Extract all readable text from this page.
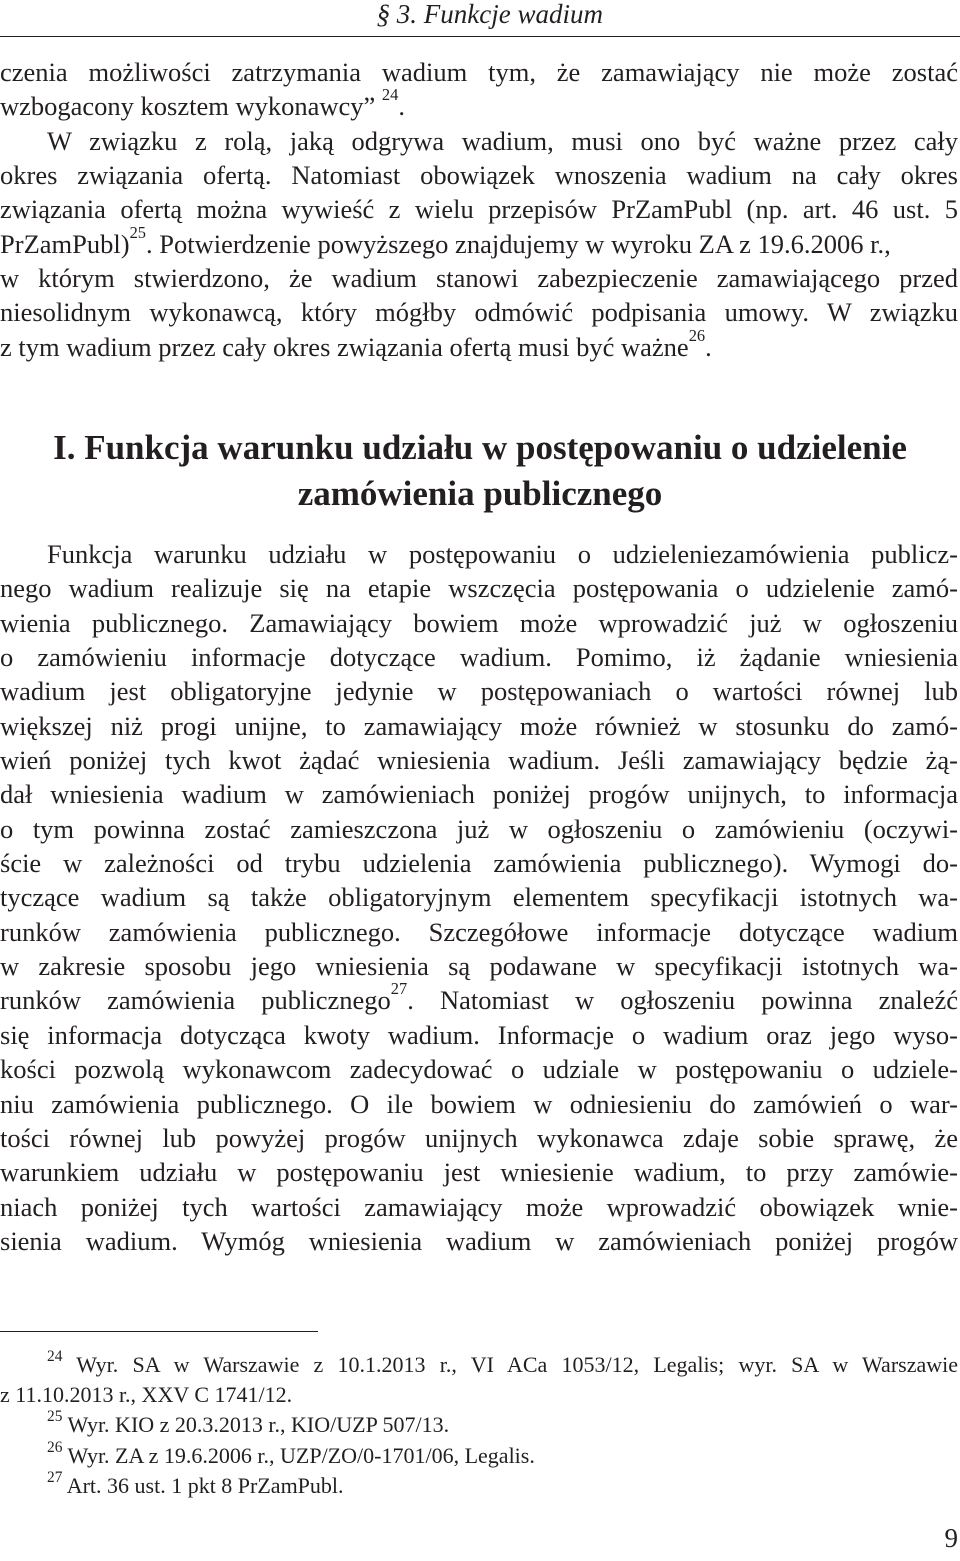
§ 3. Funkcje wadium
czenia możliwości zatrzymania wadium tym, że zamawiający nie może zostać
wzbogacony kosztem wykonawcy” $^{24}$.
W związku z rolą, jaką odgrywa wadium, musi ono być ważne przez cały
okres związania ofertą. Natomiast obowiązek wnoszenia wadium na cały okres
związania ofertą można wywieść z wielu przepisów PrZamPubl (np. art. 46 ust. 5
PrZamPubl)$^{25}$. Potwierdzenie powyższego znajdujemy w wyroku ZA z 19.6.2006 r.,
w którym stwierdzono, że wadium stanowi zabezpieczenie zamawiającego przed
niesolidnym wykonawcą, który mógłby odmówić podpisania umowy. W związku
z tym wadium przez cały okres związania ofertą musi być ważne$^{26}$.
I. Funkcja warunku udziału w postępowaniu o udzielenie
zamówienia publicznego
Funkcja warunku udziału w postępowaniu o udzieleniezamówienia publicz-
nego wadium realizuje się na etapie wszczęcia postępowania o udzielenie zamó-
wienia publicznego. Zamawiający bowiem może wprowadzić już w ogłoszeniu
o zamówieniu informacje dotyczące wadium. Pomimo, iż żądanie wniesienia
wadium jest obligatoryjne jedynie w postępowaniach o wartości równej lub
większej niż progi unijne, to zamawiający może również w stosunku do zamó-
wień poniżej tych kwot żądać wniesienia wadium. Jeśli zamawiający będzie żą-
dał wniesienia wadium w zamówieniach poniżej progów unijnych, to informacja
o tym powinna zostać zamieszczona już w ogłoszeniu o zamówieniu (oczywi-
ście w zależności od trybu udzielenia zamówienia publicznego). Wymogi do-
tyczące wadium są także obligatoryjnym elementem specyfikacji istotnych wa-
runków zamówienia publicznego. Szczegółowe informacje dotyczące wadium
w zakresie sposobu jego wniesienia są podawane w specyfikacji istotnych wa-
runków zamówienia publicznego$^{27}$. Natomiast w ogłoszeniu powinna znaleźć
się informacja dotycząca kwoty wadium. Informacje o wadium oraz jego wyso-
kości pozwolą wykonawcom zadecydować o udziale w postępowaniu o udziele-
niu zamówienia publicznego. O ile bowiem w odniesieniu do zamówień o war-
tości równej lub powyżej progów unijnych wykonawca zdaje sobie sprawę, że
warunkiem udziału w postępowaniu jest wniesienie wadium, to przy zamówie-
niach poniżej tych wartości zamawiający może wprowadzić obowiązek wnie-
sienia wadium. Wymóg wniesienia wadium w zamówieniach poniżej progów
$^{24}$ Wyr. SA w Warszawie z 10.1.2013 r., VI ACa 1053/12, Legalis; wyr. SA w Warszawie
z 11.10.2013 r., XXV C 1741/12.
$^{25}$ Wyr. KIO z 20.3.2013 r., KIO/UZP 507/13.
$^{26}$ Wyr. ZA z 19.6.2006 r., UZP/ZO/0-1701/06, Legalis.
$^{27}$ Art. 36 ust. 1 pkt 8 PrZamPubl.
9
